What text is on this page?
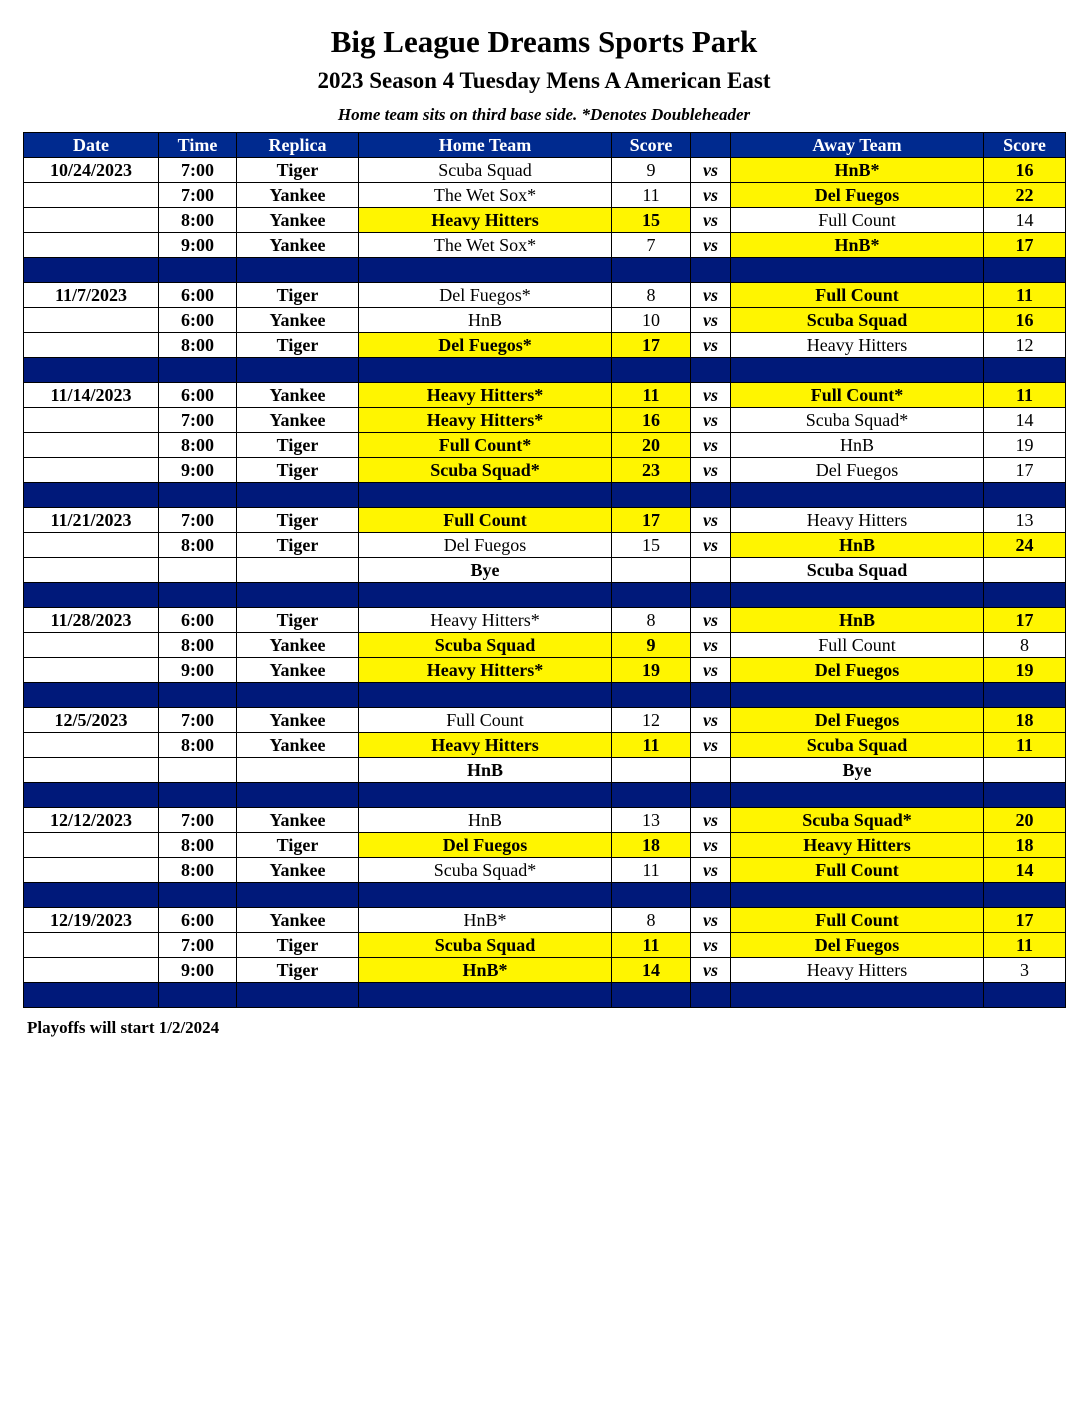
Big League Dreams Sports Park
2023 Season 4 Tuesday Mens A American East
Home team sits on third base side. *Denotes Doubleheader
Date	Time	Replica	Home Team	Score		Away Team	Score
10/24/2023	7:00	Tiger	Scuba Squad	9	vs	HnB*	16
	7:00	Yankee	The Wet Sox*	11	vs	Del Fuegos	22
	8:00	Yankee	Heavy Hitters	15	vs	Full Count	14
	9:00	Yankee	The Wet Sox*	7	vs	HnB*	17

11/7/2023	6:00	Tiger	Del Fuegos*	8	vs	Full Count	11
	6:00	Yankee	HnB	10	vs	Scuba Squad	16
	8:00	Tiger	Del Fuegos*	17	vs	Heavy Hitters	12

11/14/2023	6:00	Yankee	Heavy Hitters*	11	vs	Full Count*	11
	7:00	Yankee	Heavy Hitters*	16	vs	Scuba Squad*	14
	8:00	Tiger	Full Count*	20	vs	HnB	19
	9:00	Tiger	Scuba Squad*	23	vs	Del Fuegos	17

11/21/2023	7:00	Tiger	Full Count	17	vs	Heavy Hitters	13
	8:00	Tiger	Del Fuegos	15	vs	HnB	24
			Bye			Scuba Squad	

11/28/2023	6:00	Tiger	Heavy Hitters*	8	vs	HnB	17
	8:00	Yankee	Scuba Squad	9	vs	Full Count	8
	9:00	Yankee	Heavy Hitters*	19	vs	Del Fuegos	19

12/5/2023	7:00	Yankee	Full Count	12	vs	Del Fuegos	18
	8:00	Yankee	Heavy Hitters	11	vs	Scuba Squad	11
			HnB			Bye	

12/12/2023	7:00	Yankee	HnB	13	vs	Scuba Squad*	20
	8:00	Tiger	Del Fuegos	18	vs	Heavy Hitters	18
	8:00	Yankee	Scuba Squad*	11	vs	Full Count	14

12/19/2023	6:00	Yankee	HnB*	8	vs	Full Count	17
	7:00	Tiger	Scuba Squad	11	vs	Del Fuegos	11
	9:00	Tiger	HnB*	14	vs	Heavy Hitters	3

Playoffs will start 1/2/2024
